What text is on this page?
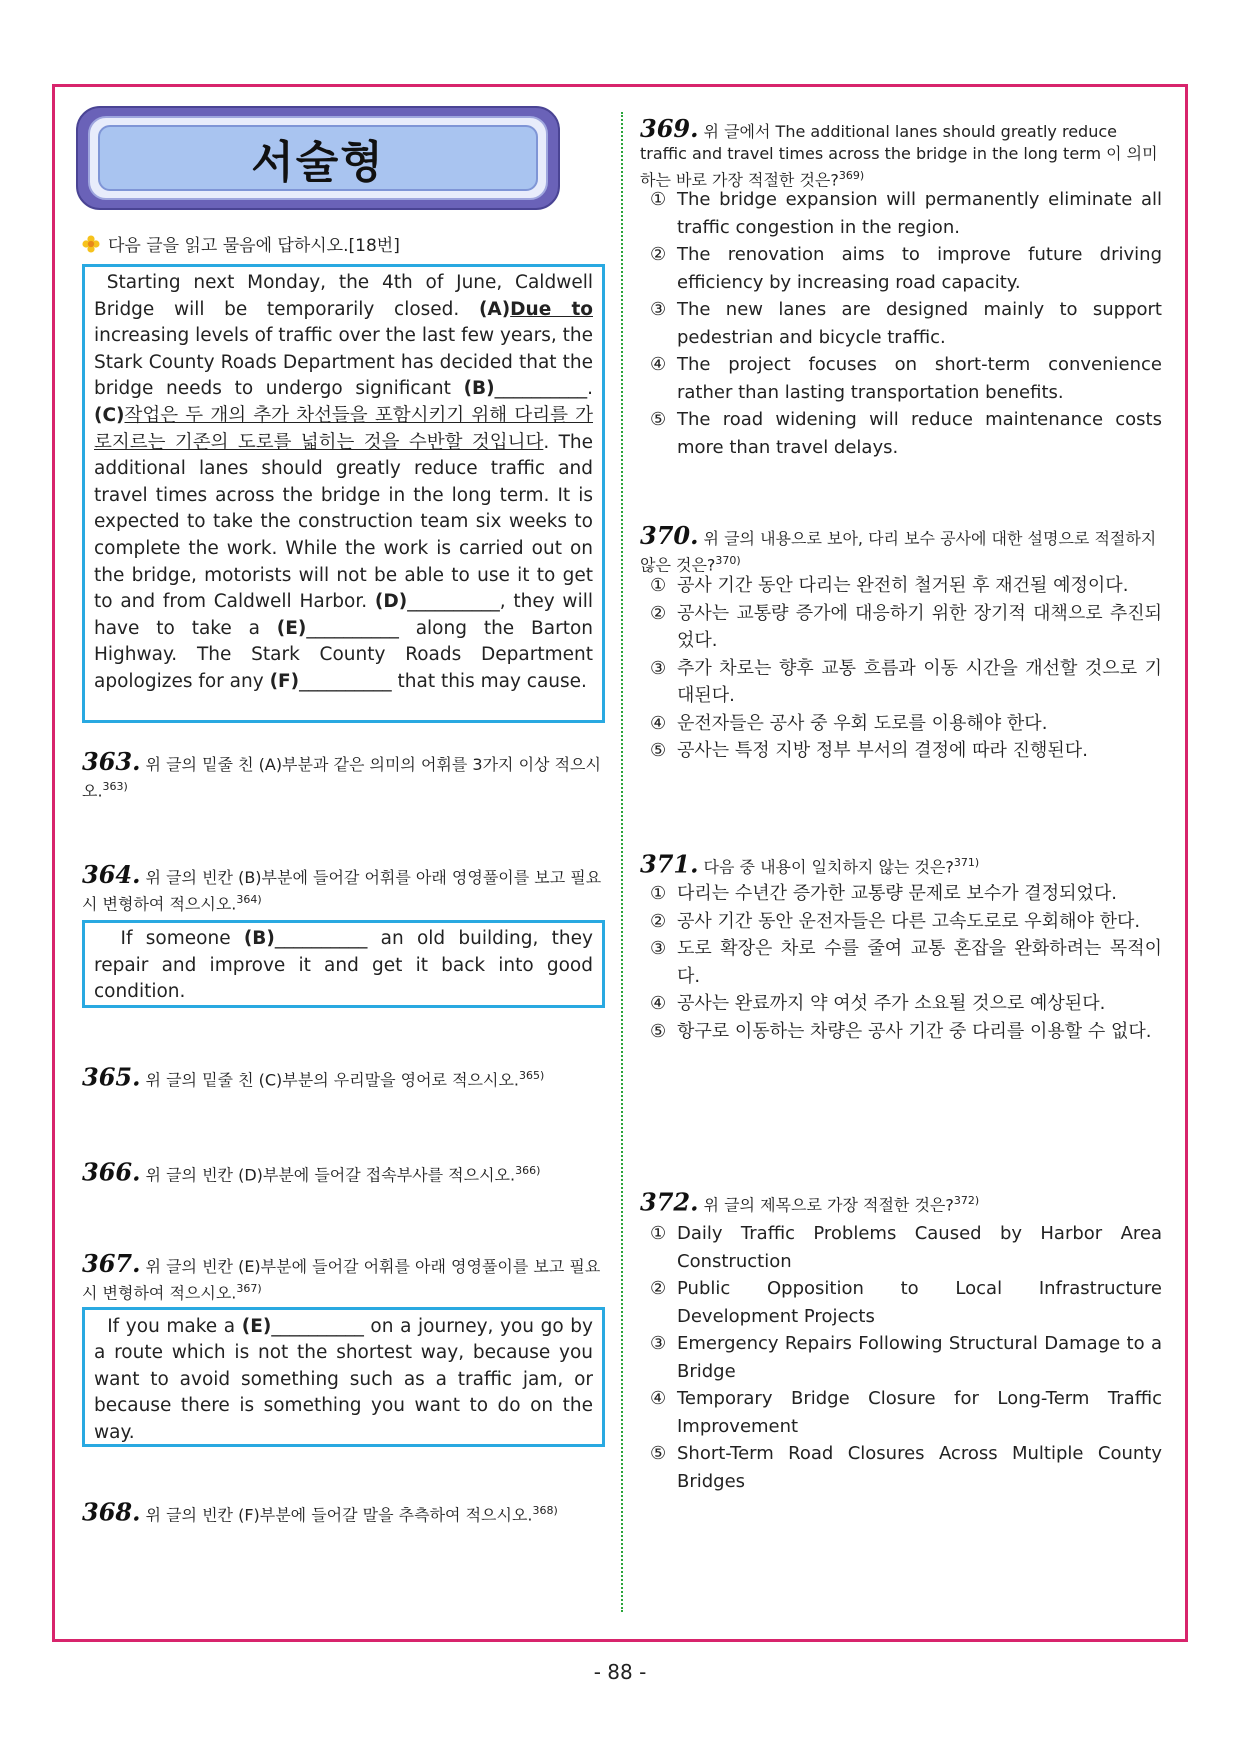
서술형
다음 글을 읽고 물음에 답하시오.[18번]
Starting next Monday, the 4th of June, Caldwell Bridge will be temporarily closed. (A)Due to increasing levels of traffic over the last few years, the Stark County Roads Department has decided that the bridge needs to undergo significant (B)__________. (C)작업은 두 개의 추가 차선들을 포함시키기 위해 다리를 가로지르는 기존의 도로를 넓히는 것을 수반할 것입니다. The additional lanes should greatly reduce traffic and travel times across the bridge in the long term. It is expected to take the construction team six weeks to complete the work. While the work is carried out on the bridge, motorists will not be able to use it to get to and from Caldwell Harbor. (D)__________, they will have to take a (E)__________ along the Barton Highway. The Stark County Roads Department apologizes for any (F)__________ that this may cause.
363. 위 글의 밑줄 친 (A)부분과 같은 의미의 어휘를 3가지 이상 적으시오.$^{363)}$
364. 위 글의 빈칸 (B)부분에 들어갈 어휘를 아래 영영풀이를 보고 필요시 변형하여 적으시오.$^{364)}$
If someone (B)__________ an old building, they repair and improve it and get it back into good condition.
365. 위 글의 밑줄 친 (C)부분의 우리말을 영어로 적으시오.$^{365)}$
366. 위 글의 빈칸 (D)부분에 들어갈 접속부사를 적으시오.$^{366)}$
367. 위 글의 빈칸 (E)부분에 들어갈 어휘를 아래 영영풀이를 보고 필요시 변형하여 적으시오.$^{367)}$
If you make a (E)__________ on a journey, you go by a route which is not the shortest way, because you want to avoid something such as a traffic jam, or because there is something you want to do on the way.
368. 위 글의 빈칸 (F)부분에 들어갈 말을 추측하여 적으시오.$^{368)}$
369. 위 글에서 The additional lanes should greatly reduce traffic and travel times across the bridge in the long term 이 의미하는 바로 가장 적절한 것은?$^{369)}$
① The bridge expansion will permanently eliminate all traffic congestion in the region.
② The renovation aims to improve future driving efficiency by increasing road capacity.
③ The new lanes are designed mainly to support pedestrian and bicycle traffic.
④ The project focuses on short-term convenience rather than lasting transportation benefits.
⑤ The road widening will reduce maintenance costs more than travel delays.
370. 위 글의 내용으로 보아, 다리 보수 공사에 대한 설명으로 적절하지 않은 것은?$^{370)}$
① 공사 기간 동안 다리는 완전히 철거된 후 재건될 예정이다.
② 공사는 교통량 증가에 대응하기 위한 장기적 대책으로 추진되었다.
③ 추가 차로는 향후 교통 흐름과 이동 시간을 개선할 것으로 기대된다.
④ 운전자들은 공사 중 우회 도로를 이용해야 한다.
⑤ 공사는 특정 지방 정부 부서의 결정에 따라 진행된다.
371. 다음 중 내용이 일치하지 않는 것은?$^{371)}$
① 다리는 수년간 증가한 교통량 문제로 보수가 결정되었다.
② 공사 기간 동안 운전자들은 다른 고속도로로 우회해야 한다.
③ 도로 확장은 차로 수를 줄여 교통 혼잡을 완화하려는 목적이다.
④ 공사는 완료까지 약 여섯 주가 소요될 것으로 예상된다.
⑤ 항구로 이동하는 차량은 공사 기간 중 다리를 이용할 수 없다.
372. 위 글의 제목으로 가장 적절한 것은?$^{372)}$
① Daily Traffic Problems Caused by Harbor Area Construction
② Public Opposition to Local Infrastructure Development Projects
③ Emergency Repairs Following Structural Damage to a Bridge
④ Temporary Bridge Closure for Long-Term Traffic Improvement
⑤ Short-Term Road Closures Across Multiple County Bridges
- 88 -
